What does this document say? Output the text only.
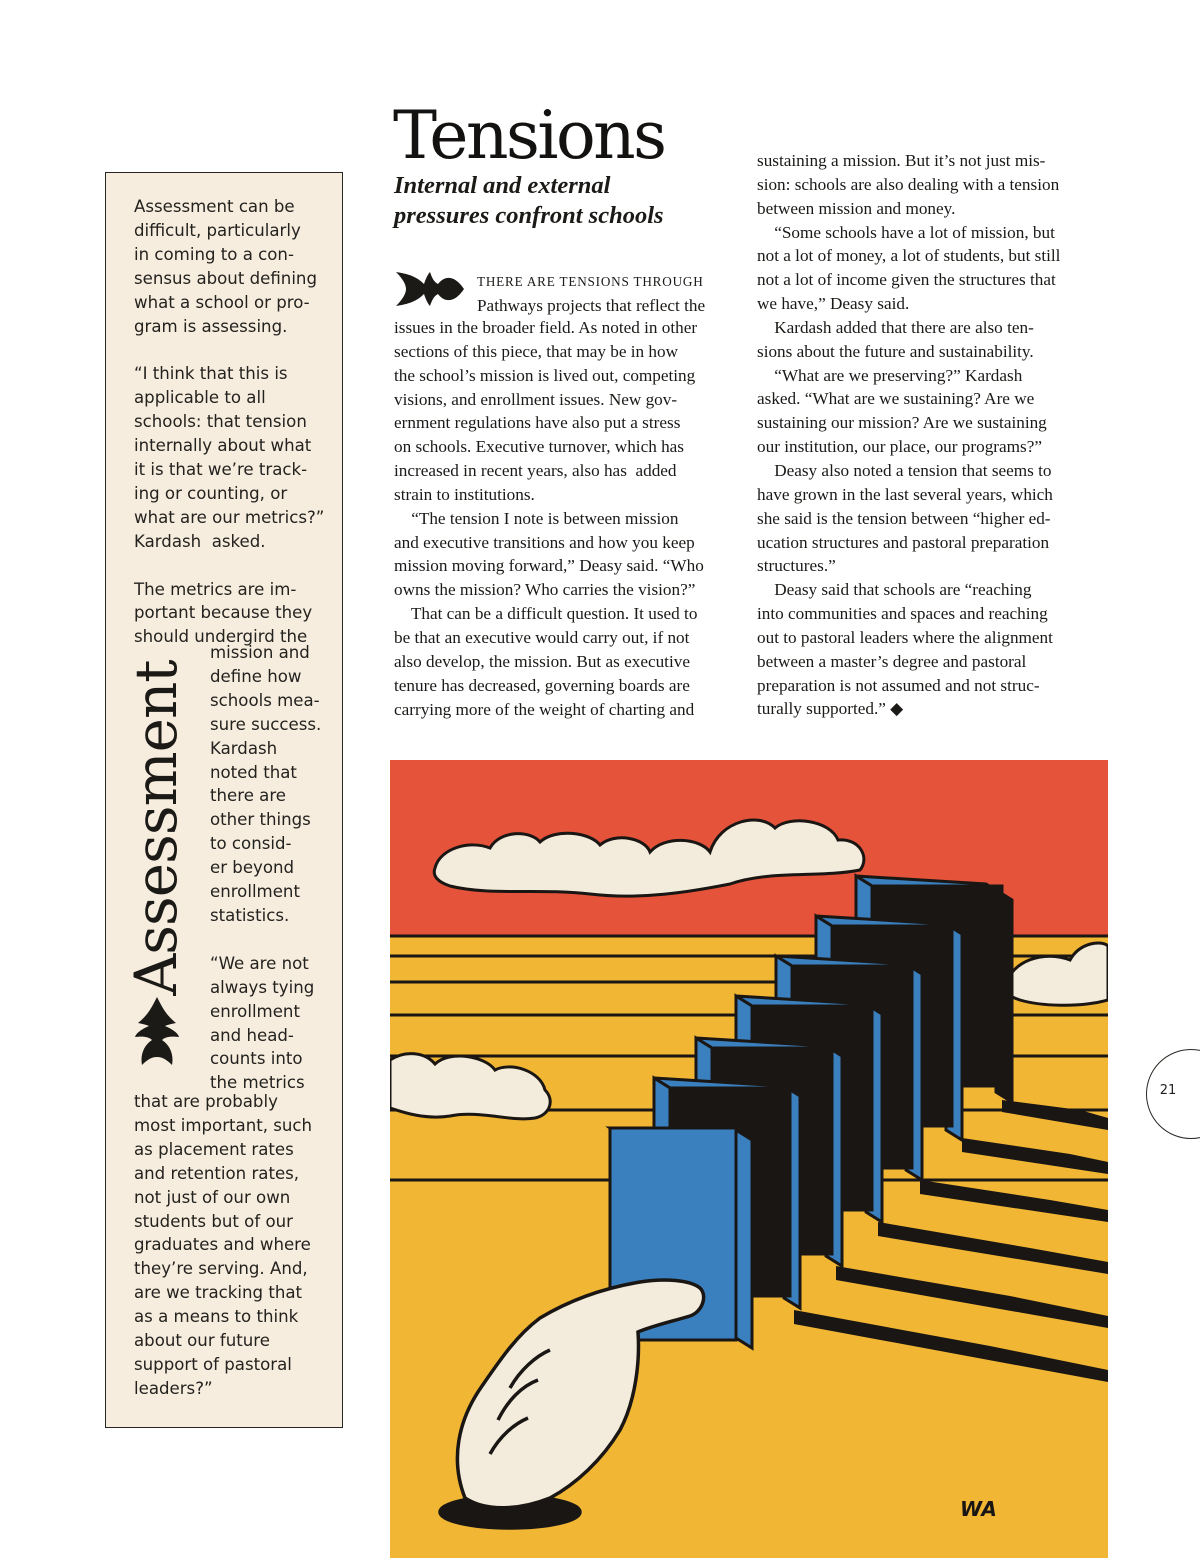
Assessment can be
difficult, particularly
in coming to a con-
sensus about defining
what a school or pro-
gram is assessing.

“I think that this is
applicable to all
schools: that tension
internally about what
it is that we’re track-
ing or counting, or
what are our metrics?”
Kardash  asked.

The metrics are im-
portant because they
should undergird the

Assessment

mission and
define how
schools mea-
sure success.
Kardash
noted that
there are
other things
to consid-
er beyond
enrollment
statistics.

“We are not
always tying
enrollment
and head-
counts into
the metrics

that are probably
most important, such
as placement rates
and retention rates,
not just of our own
students but of our
graduates and where
they’re serving. And,
are we tracking that
as a means to think
about our future
support of pastoral
leaders?”

Tensions
Internal and external
pressures confront schools

THERE ARE TENSIONS THROUGH
Pathways projects that reflect the

issues in the broader field. As noted in other
sections of this piece, that may be in how
the school’s mission is lived out, competing
visions, and enrollment issues. New gov-
ernment regulations have also put a stress
on schools. Executive turnover, which has
increased in recent years, also has  added
strain to institutions.
“The tension I note is between mission
and executive transitions and how you keep
mission moving forward,” Deasy said. “Who
owns the mission? Who carries the vision?”
That can be a difficult question. It used to
be that an executive would carry out, if not
also develop, the mission. But as executive
tenure has decreased, governing boards are
carrying more of the weight of charting and

sustaining a mission. But it’s not just mis-
sion: schools are also dealing with a tension
between mission and money.
“Some schools have a lot of mission, but
not a lot of money, a lot of students, but still
not a lot of income given the structures that
we have,” Deasy said.
Kardash added that there are also ten-
sions about the future and sustainability.
“What are we preserving?” Kardash
asked. “What are we sustaining? Are we
sustaining our mission? Are we sustaining
our institution, our place, our programs?”
Deasy also noted a tension that seems to
have grown in the last several years, which
she said is the tension between “higher ed-
ucation structures and pastoral preparation
structures.”
Deasy said that schools are “reaching
into communities and spaces and reaching
out to pastoral leaders where the alignment
between a master’s degree and pastoral
preparation is not assumed and not struc-
turally supported.” ◆

WA
21
